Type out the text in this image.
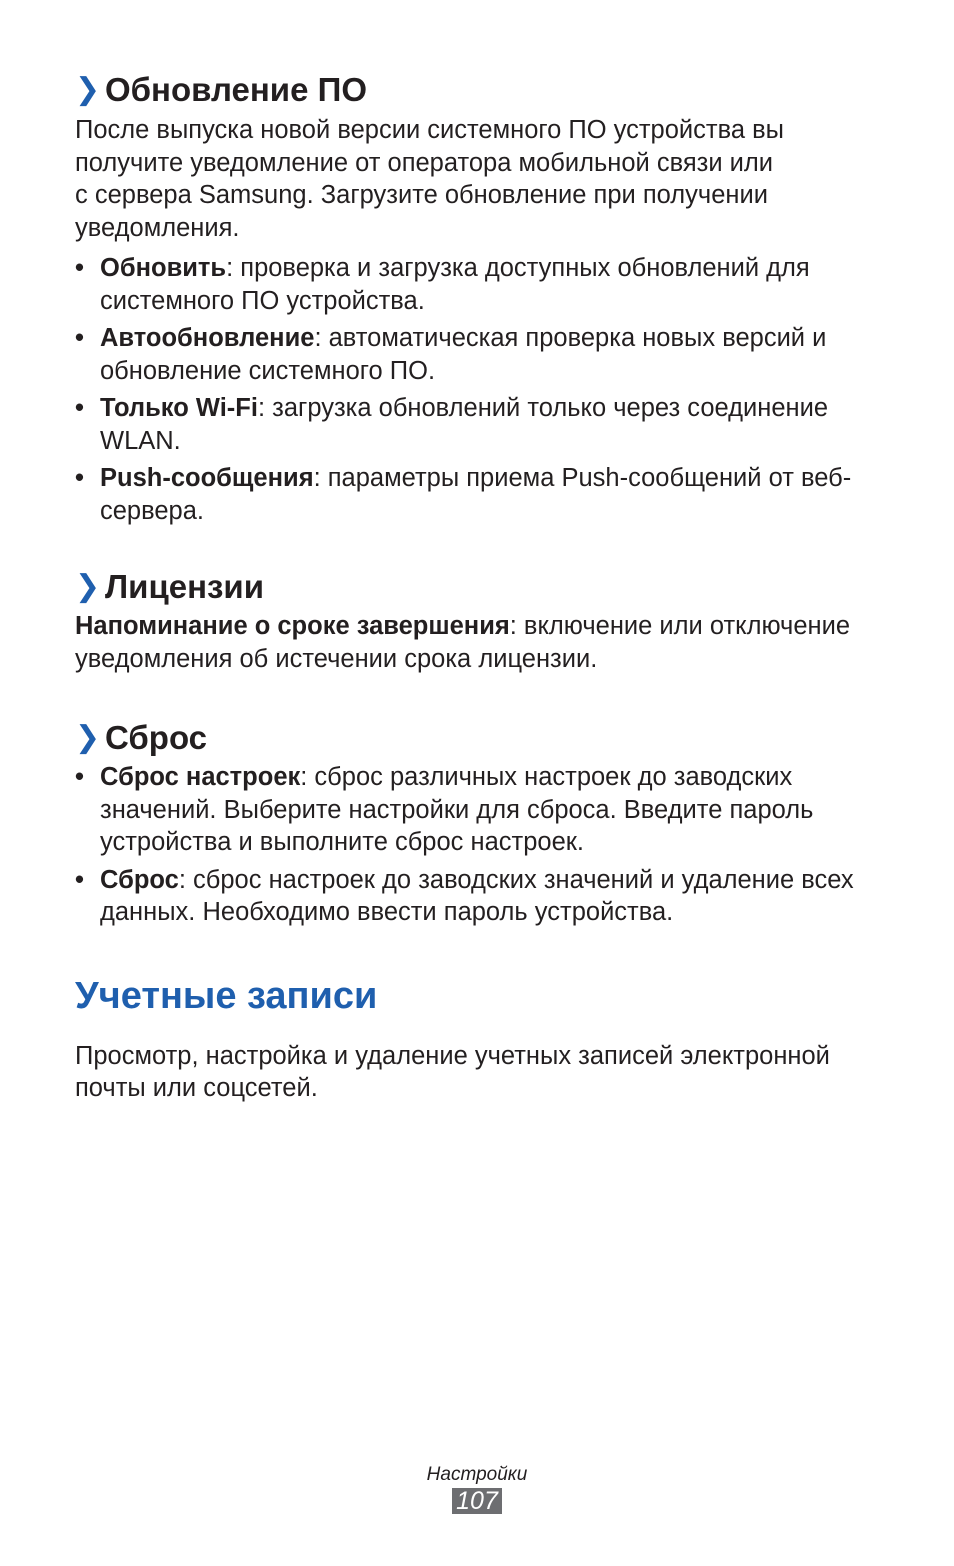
❯ Обновление ПО

После выпуска новой версии системного ПО устройства вы
получите уведомление от оператора мобильной связи или
с сервера Samsung. Загрузите обновление при получении
уведомления.

• Обновить: проверка и загрузка доступных обновлений для
системного ПО устройства.
• Автообновление: автоматическая проверка новых версий и
обновление системного ПО.
• Только Wi-Fi: загрузка обновлений только через соединение
WLAN.
• Push-сообщения: параметры приема Push-сообщений от веб-
сервера.
❯ Лицензии

Напоминание о сроке завершения: включение или отключение
уведомления об истечении срока лицензии.

❯ Сброс
• Сброс настроек: сброс различных настроек до заводских
значений. Выберите настройки для сброса. Введите пароль
устройства и выполните сброс настроек.
• Сброс: сброс настроек до заводских значений и удаление всех
данных. Необходимо ввести пароль устройства.
Учетные записи

Просмотр, настройка и удаление учетных записей электронной
почты или соцсетей.

Настройки
107
